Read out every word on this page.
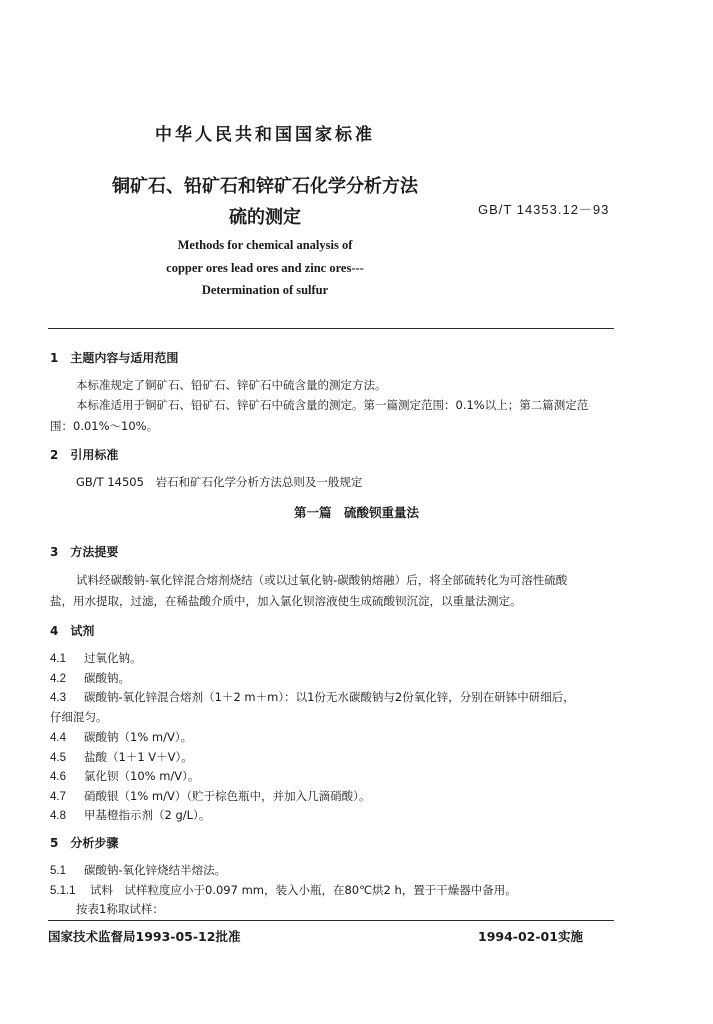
中华人民共和国国家标准
铜矿石、铅矿石和锌矿石化学分析方法
硫的测定	GB/T 14353.12－93
Methods for chemical analysis of
copper ores lead ores and zinc ores---
Determination of sulfur
1　主题内容与适用范围
本标准规定了铜矿石、铅矿石、锌矿石中硫含量的测定方法。
本标准适用于铜矿石、铅矿石、锌矿石中硫含量的测定。第一篇测定范围：0.1%以上；第二篇测定范
围：0.01%～10%。
2　引用标准
GB/T 14505　岩石和矿石化学分析方法总则及一般规定
第一篇　硫酸钡重量法
3　方法提要
试料经碳酸钠-氧化锌混合熔剂烧结（或以过氧化钠-碳酸钠熔融）后，将全部硫转化为可溶性硫酸
盐，用水提取，过滤，在稀盐酸介质中，加入氯化钡溶液使生成硫酸钡沉淀，以重量法测定。
4　试剂
4.1 过氧化钠。
4.2 碳酸钠。
4.3 碳酸钠-氧化锌混合熔剂（1＋2 m＋m）：以1份无水碳酸钠与2份氧化锌，分别在研钵中研细后，
仔细混匀。
4.4 碳酸钠（1% m/V）。
4.5 盐酸（1＋1 V＋V）。
4.6 氯化钡（10% m/V）。
4.7 硝酸银（1% m/V）（贮于棕色瓶中，并加入几滴硝酸）。
4.8 甲基橙指示剂（2 g/L）。
5　分析步骤
5.1 碳酸钠-氧化锌烧结半熔法。
5.1.1 试料　试样粒度应小于0.097 mm，装入小瓶，在80℃烘2 h，置于干燥器中备用。
按表1称取试样：
国家技术监督局1993-05-12批准	1994-02-01实施
